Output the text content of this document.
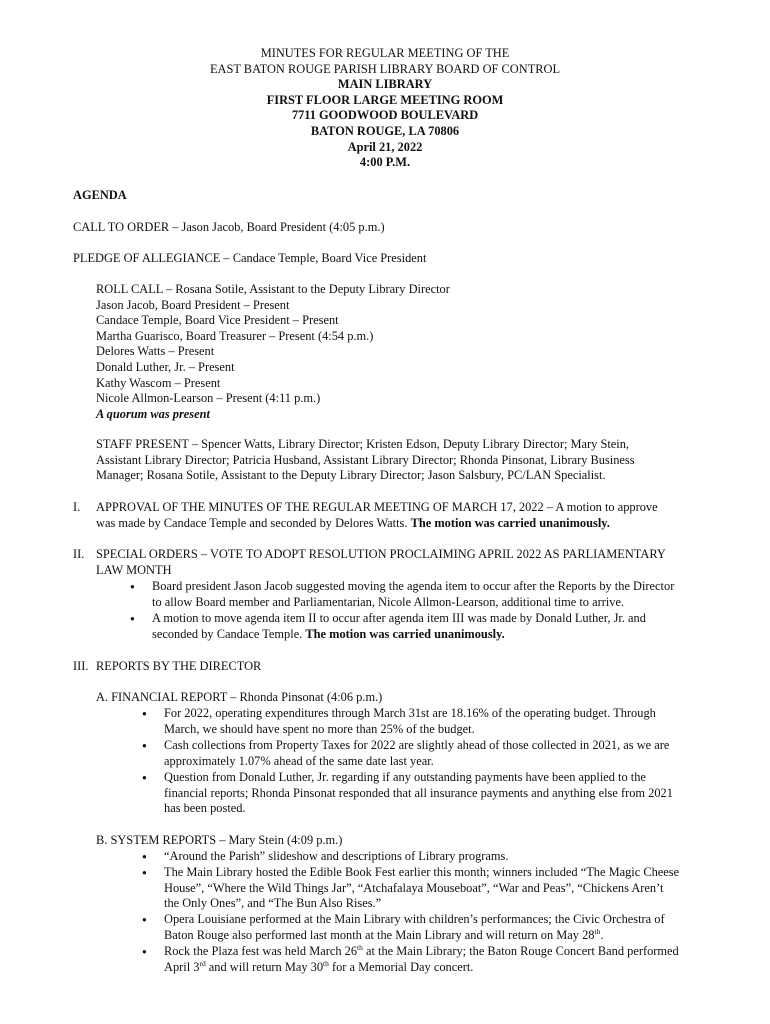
MINUTES FOR REGULAR MEETING OF THE
EAST BATON ROUGE PARISH LIBRARY BOARD OF CONTROL
MAIN LIBRARY
FIRST FLOOR LARGE MEETING ROOM
7711 GOODWOOD BOULEVARD
BATON ROUGE, LA 70806
April 21, 2022
4:00 P.M.
AGENDA
CALL TO ORDER – Jason Jacob, Board President (4:05 p.m.)
PLEDGE OF ALLEGIANCE – Candace Temple, Board Vice President
ROLL CALL – Rosana Sotile, Assistant to the Deputy Library Director
Jason Jacob, Board President – Present
Candace Temple, Board Vice President – Present
Martha Guarisco, Board Treasurer – Present (4:54 p.m.)
Delores Watts – Present
Donald Luther, Jr. – Present
Kathy Wascom – Present
Nicole Allmon-Learson – Present (4:11 p.m.)
A quorum was present
STAFF PRESENT – Spencer Watts, Library Director; Kristen Edson, Deputy Library Director; Mary Stein,
Assistant Library Director; Patricia Husband, Assistant Library Director; Rhonda Pinsonat, Library Business
Manager; Rosana Sotile, Assistant to the Deputy Library Director; Jason Salsbury, PC/LAN Specialist.
I. APPROVAL OF THE MINUTES OF THE REGULAR MEETING OF MARCH 17, 2022 – A motion to approve
was made by Candace Temple and seconded by Delores Watts. The motion was carried unanimously.
II. SPECIAL ORDERS – VOTE TO ADOPT RESOLUTION PROCLAIMING APRIL 2022 AS PARLIAMENTARY
LAW MONTH
● Board president Jason Jacob suggested moving the agenda item to occur after the Reports by the Director
to allow Board member and Parliamentarian, Nicole Allmon-Learson, additional time to arrive.
● A motion to move agenda item II to occur after agenda item III was made by Donald Luther, Jr. and
seconded by Candace Temple. The motion was carried unanimously.
III. REPORTS BY THE DIRECTOR
A. FINANCIAL REPORT – Rhonda Pinsonat (4:06 p.m.)
● For 2022, operating expenditures through March 31st are 18.16% of the operating budget. Through
March, we should have spent no more than 25% of the budget.
● Cash collections from Property Taxes for 2022 are slightly ahead of those collected in 2021, as we are
approximately 1.07% ahead of the same date last year.
● Question from Donald Luther, Jr. regarding if any outstanding payments have been applied to the
financial reports; Rhonda Pinsonat responded that all insurance payments and anything else from 2021
has been posted.
B. SYSTEM REPORTS – Mary Stein (4:09 p.m.)
● “Around the Parish” slideshow and descriptions of Library programs.
● The Main Library hosted the Edible Book Fest earlier this month; winners included “The Magic Cheese
House”, “Where the Wild Things Jar”, “Atchafalaya Mouseboat”, “War and Peas”, “Chickens Aren’t
the Only Ones”, and “The Bun Also Rises.”
● Opera Louisiane performed at the Main Library with children’s performances; the Civic Orchestra of
Baton Rouge also performed last month at the Main Library and will return on May 28th.
● Rock the Plaza fest was held March 26th at the Main Library; the Baton Rouge Concert Band performed
April 3rd and will return May 30th for a Memorial Day concert.
